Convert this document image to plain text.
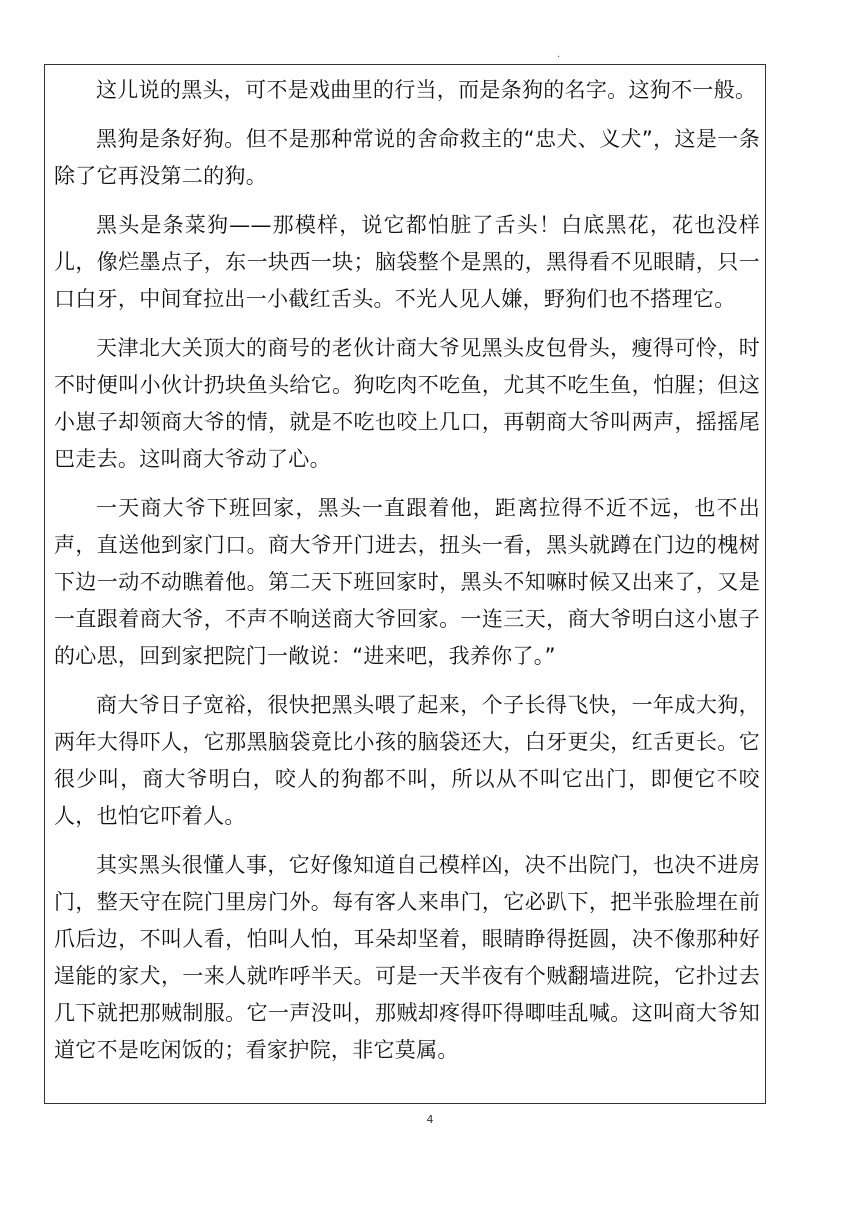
.

这儿说的黑头，可不是戏曲里的行当，而是条狗的名字。这狗不一般。

黑狗是条好狗。但不是那种常说的舍命救主的“忠犬、义犬”，这是一条除了它再没第二的狗。

黑头是条菜狗——那模样，说它都怕脏了舌头！白底黑花，花也没样儿，像烂墨点子，东一块西一块；脑袋整个是黑的，黑得看不见眼睛，只一口白牙，中间耷拉出一小截红舌头。不光人见人嫌，野狗们也不搭理它。

天津北大关顶大的商号的老伙计商大爷见黑头皮包骨头，瘦得可怜，时不时便叫小伙计扔块鱼头给它。狗吃肉不吃鱼，尤其不吃生鱼，怕腥；但这小崽子却领商大爷的情，就是不吃也咬上几口，再朝商大爷叫两声，摇摇尾巴走去。这叫商大爷动了心。

一天商大爷下班回家，黑头一直跟着他，距离拉得不近不远，也不出声，直送他到家门口。商大爷开门进去，扭头一看，黑头就蹲在门边的槐树下边一动不动瞧着他。第二天下班回家时，黑头不知嘛时候又出来了，又是一直跟着商大爷，不声不响送商大爷回家。一连三天，商大爷明白这小崽子的心思，回到家把院门一敞说：“进来吧，我养你了。”

商大爷日子宽裕，很快把黑头喂了起来，个子长得飞快，一年成大狗，两年大得吓人，它那黑脑袋竟比小孩的脑袋还大，白牙更尖，红舌更长。它很少叫，商大爷明白，咬人的狗都不叫，所以从不叫它出门，即便它不咬人，也怕它吓着人。

其实黑头很懂人事，它好像知道自己模样凶，决不出院门，也决不进房门，整天守在院门里房门外。每有客人来串门，它必趴下，把半张脸埋在前爪后边，不叫人看，怕叫人怕，耳朵却坚着，眼睛睁得挺圆，决不像那种好逞能的家犬，一来人就咋呼半天。可是一天半夜有个贼翻墙进院，它扑过去几下就把那贼制服。它一声没叫，那贼却疼得吓得唧哇乱喊。这叫商大爷知道它不是吃闲饭的；看家护院，非它莫属。

4
